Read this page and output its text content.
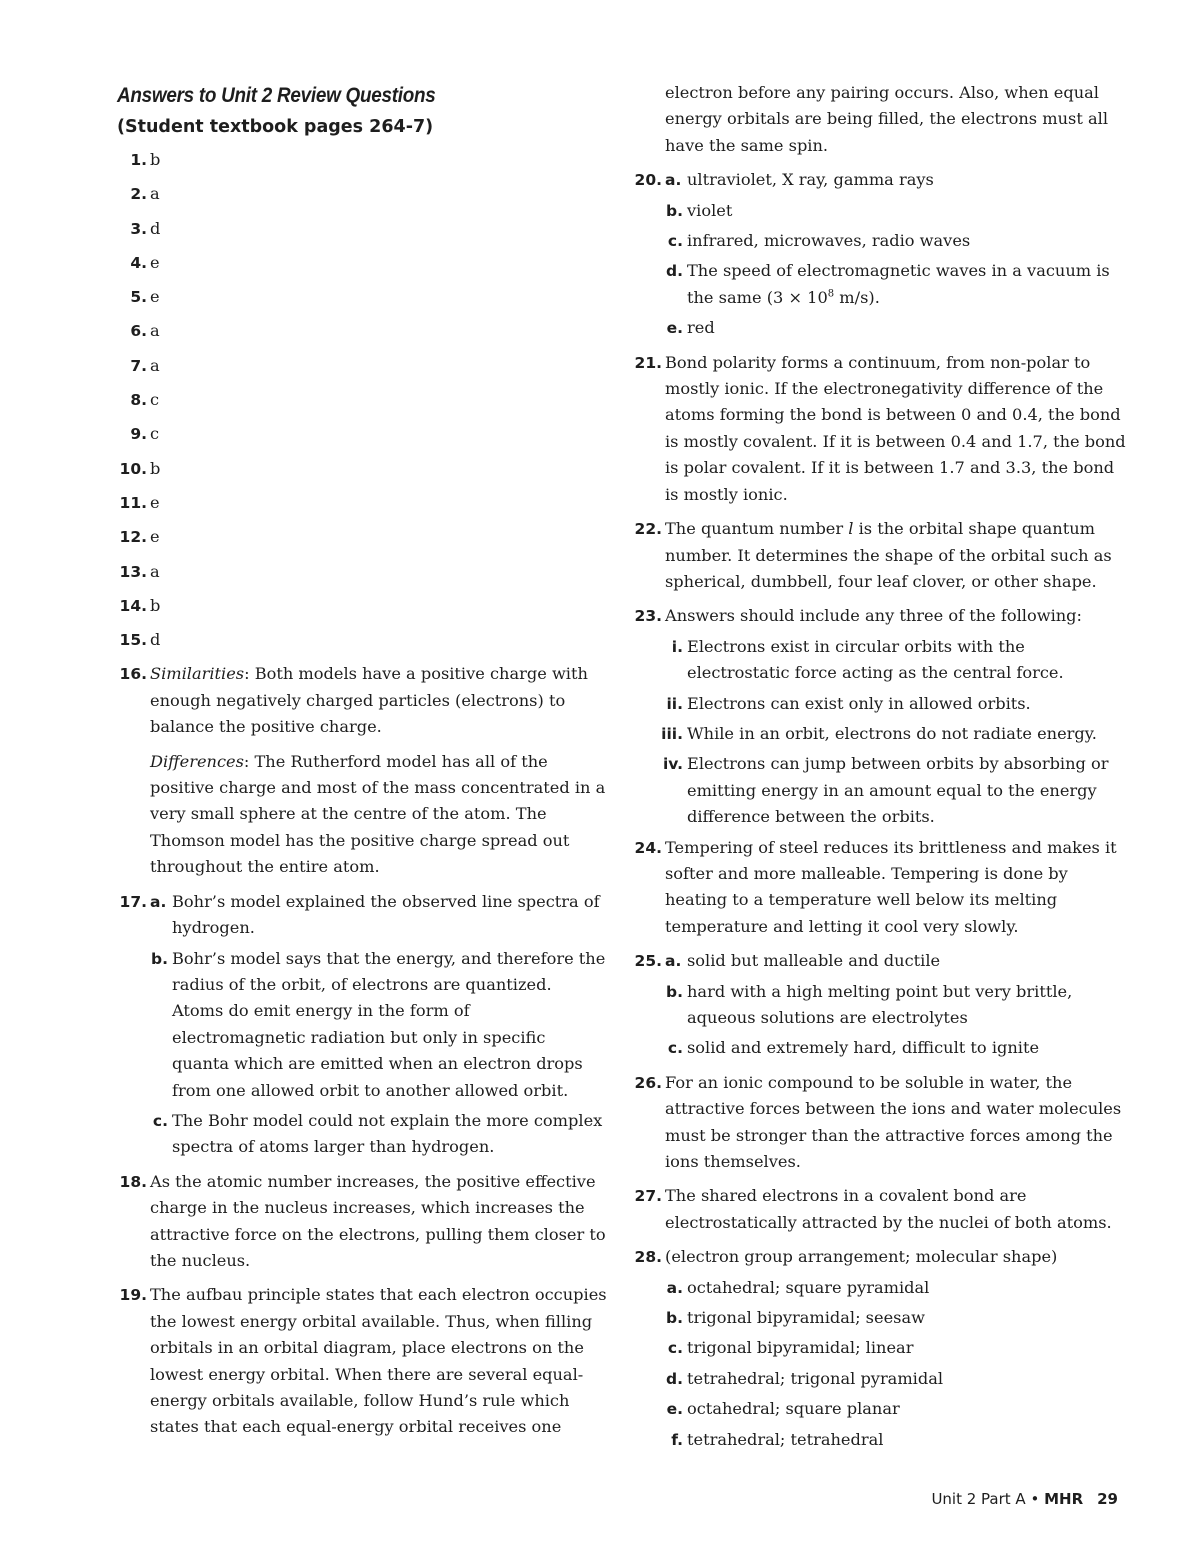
Answers to Unit 2 Review Questions
(Student textbook pages 264-7)
1. b
2. a
3. d
4. e
5. e
6. a
7. a
8. c
9. c
10. b
11. e
12. e
13. a
14. b
15. d
16. Similarities: Both models have a positive charge with enough negatively charged particles (electrons) to balance the positive charge.
Differences: The Rutherford model has all of the positive charge and most of the mass concentrated in a very small sphere at the centre of the atom. The Thomson model has the positive charge spread out throughout the entire atom.
17. a. Bohr’s model explained the observed line spectra of hydrogen.
b. Bohr’s model says that the energy, and therefore the radius of the orbit, of electrons are quantized. Atoms do emit energy in the form of electromagnetic radiation but only in specific quanta which are emitted when an electron drops from one allowed orbit to another allowed orbit.
c. The Bohr model could not explain the more complex spectra of atoms larger than hydrogen.
18. As the atomic number increases, the positive effective charge in the nucleus increases, which increases the attractive force on the electrons, pulling them closer to the nucleus.
19. The aufbau principle states that each electron occupies the lowest energy orbital available. Thus, when filling orbitals in an orbital diagram, place electrons on the lowest energy orbital. When there are several equal-energy orbitals available, follow Hund’s rule which states that each equal-energy orbital receives one
electron before any pairing occurs. Also, when equal energy orbitals are being filled, the electrons must all have the same spin.
20. a. ultraviolet, X ray, gamma rays
b. violet
c. infrared, microwaves, radio waves
d. The speed of electromagnetic waves in a vacuum is the same ($3 \times 10^8$ m/s).
e. red
21. Bond polarity forms a continuum, from non-polar to mostly ionic. If the electronegativity difference of the atoms forming the bond is between 0 and 0.4, the bond is mostly covalent. If it is between 0.4 and 1.7, the bond is polar covalent. If it is between 1.7 and 3.3, the bond is mostly ionic.
22. The quantum number l is the orbital shape quantum number. It determines the shape of the orbital such as spherical, dumbbell, four leaf clover, or other shape.
23. Answers should include any three of the following:
i. Electrons exist in circular orbits with the electrostatic force acting as the central force.
ii. Electrons can exist only in allowed orbits.
iii. While in an orbit, electrons do not radiate energy.
iv. Electrons can jump between orbits by absorbing or emitting energy in an amount equal to the energy difference between the orbits.
24. Tempering of steel reduces its brittleness and makes it softer and more malleable. Tempering is done by heating to a temperature well below its melting temperature and letting it cool very slowly.
25. a. solid but malleable and ductile
b. hard with a high melting point but very brittle, aqueous solutions are electrolytes
c. solid and extremely hard, difficult to ignite
26. For an ionic compound to be soluble in water, the attractive forces between the ions and water molecules must be stronger than the attractive forces among the ions themselves.
27. The shared electrons in a covalent bond are electrostatically attracted by the nuclei of both atoms.
28. (electron group arrangement; molecular shape)
a. octahedral; square pyramidal
b. trigonal bipyramidal; seesaw
c. trigonal bipyramidal; linear
d. tetrahedral; trigonal pyramidal
e. octahedral; square planar
f. tetrahedral; tetrahedral
Unit 2 Part A • MHR 29
